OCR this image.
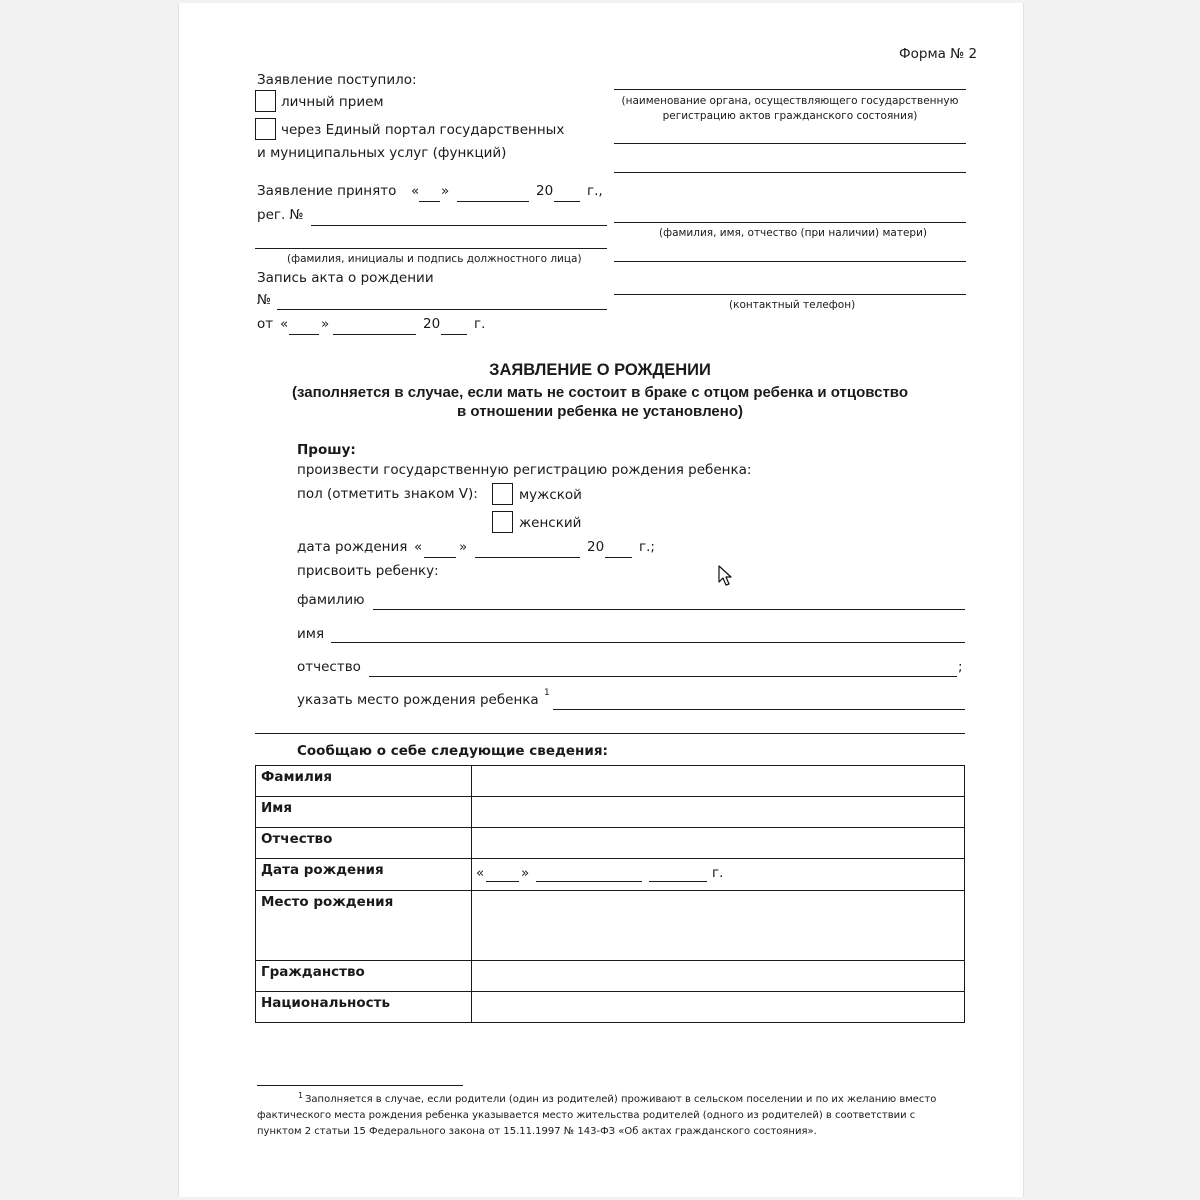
Форма № 2
Заявление поступило:
личный прием
через Единый портал государственных
и муниципальных услуг (функций)
Заявление принято « »	20	г.,
рег. №
(фамилия, инициалы и подпись должностного лица)
Запись акта о рождении
№
от « »	20	г.
(наименование органа, осуществляющего государственную регистрацию актов гражданского состояния)
(фамилия, имя, отчество (при наличии) матери)
(контактный телефон)
ЗАЯВЛЕНИЕ О РОЖДЕНИИ
(заполняется в случае, если мать не состоит в браке с отцом ребенка и отцовство
в отношении ребенка не установлено)
Прошу:
произвести государственную регистрацию рождения ребенка:
пол (отметить знаком V):	мужской
женский
дата рождения «	»	20	г.;
присвоить ребенку:
фамилию
имя
отчество	;
указать место рождения ребенка 1
Сообщаю о себе следующие сведения:
Фамилия	
Имя	
Отчество	
Дата рождения	« » г.

Место рождения	
Гражданство	
Национальность	
1 Заполняется в случае, если родители (один из родителей) проживают в сельском поселении и по их желанию вместо
фактического места рождения ребенка указывается место жительства родителей (одного из родителей) в соответствии с
пунктом 2 статьи 15 Федерального закона от 15.11.1997 № 143-ФЗ «Об актах гражданского состояния».
